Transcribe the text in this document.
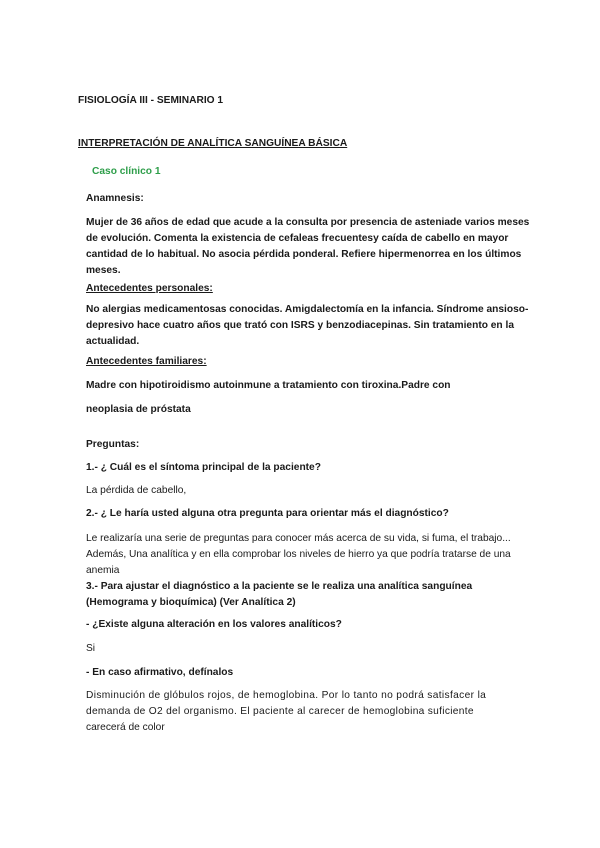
FISIOLOGÍA III - SEMINARIO 1

INTERPRETACIÓN DE ANALÍTICA SANGUÍNEA BÁSICA

Caso clínico 1

Anamnesis:

Mujer de 36 años de edad que acude a la consulta por presencia de asteniade varios meses

de evolución. Comenta la existencia de cefaleas frecuentesy caída de cabello en mayor

cantidad de lo habitual. No asocia pérdida ponderal. Refiere hipermenorrea en los últimos

meses.

Antecedentes personales:

No alergias medicamentosas conocidas. Amigdalectomía en la infancia. Síndrome ansioso-

depresivo hace cuatro años que trató con ISRS y benzodiacepinas. Sin tratamiento en la

actualidad.

Antecedentes familiares:

Madre con hipotiroidismo autoinmune a tratamiento con tiroxina.Padre con

neoplasia de próstata

Preguntas:

1.- ¿ Cuál es el síntoma principal de la paciente?

La pérdida de cabello,

2.- ¿ Le haría usted alguna otra pregunta para orientar más el diagnóstico?

Le realizaría una serie de preguntas para conocer más acerca de su vida, si fuma, el trabajo...

Además, Una analítica y en ella comprobar los niveles de hierro ya que podría tratarse de una

anemia

3.- Para ajustar el diagnóstico a la paciente se le realiza una analítica sanguínea

(Hemograma y bioquímica) (Ver Analítica 2)

- ¿Existe alguna alteración en los valores analíticos?

Si

- En caso afirmativo, defínalos

Disminución de glóbulos rojos, de hemoglobina. Por lo tanto no podrá satisfacer la

demanda de O2 del organismo. El paciente al carecer de hemoglobina suficiente

carecerá de color
